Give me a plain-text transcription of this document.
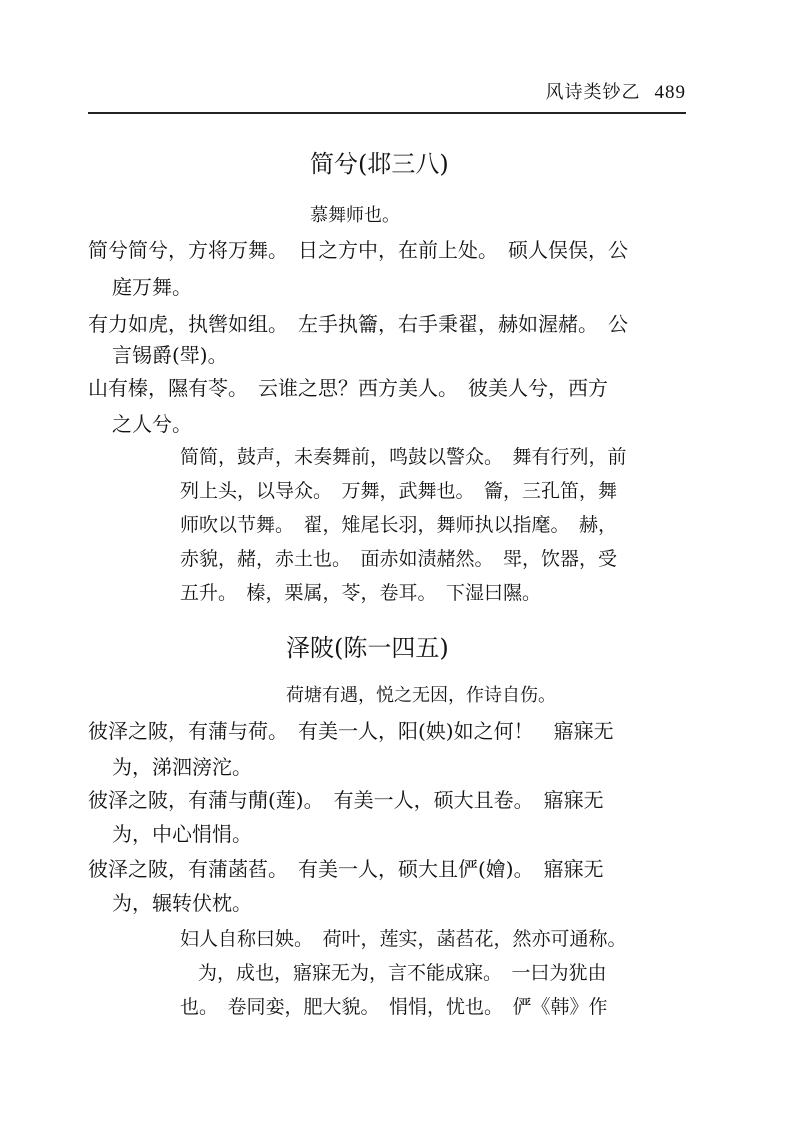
风诗类钞乙 489
简兮(邶三八)
慕舞师也。
简兮简兮，方将万舞。　日之方中，在前上处。　硕人俣俣，公
庭万舞。
有力如虎，执辔如组。　左手执籥，右手秉翟，赫如渥赭。　公
言锡爵(斝)。
山有榛，隰有苓。　云谁之思？西方美人。　彼美人兮，西方
之人兮。
简简，鼓声，未奏舞前，鸣鼓以警众。　舞有行列，前
列上头，以导众。　万舞，武舞也。　籥，三孔笛，舞
师吹以节舞。　翟，雉尾长羽，舞师执以指麾。　赫，
赤貌，赭，赤土也。　面赤如渍赭然。　斝，饮器，受
五升。　榛，栗属，苓，卷耳。　下湿曰隰。
泽陂(陈一四五)
荷塘有遇，悦之无因，作诗自伤。
彼泽之陂，有蒲与荷。　有美一人，阳(姎)如之何！　寤寐无
为，涕泗滂沱。
彼泽之陂，有蒲与蕑(莲)。　有美一人，硕大且卷。　寤寐无
为，中心悁悁。
彼泽之陂，有蒲菡萏。　有美一人，硕大且俨(嬒)。　寤寐无
为，辗转伏枕。
妇人自称曰姎。　荷叶，莲实，菡萏花，然亦可通称。
为，成也，寤寐无为，言不能成寐。　一曰为犹由
也。　卷同娈，肥大貌。　悁悁，忧也。　俨《韩》作
